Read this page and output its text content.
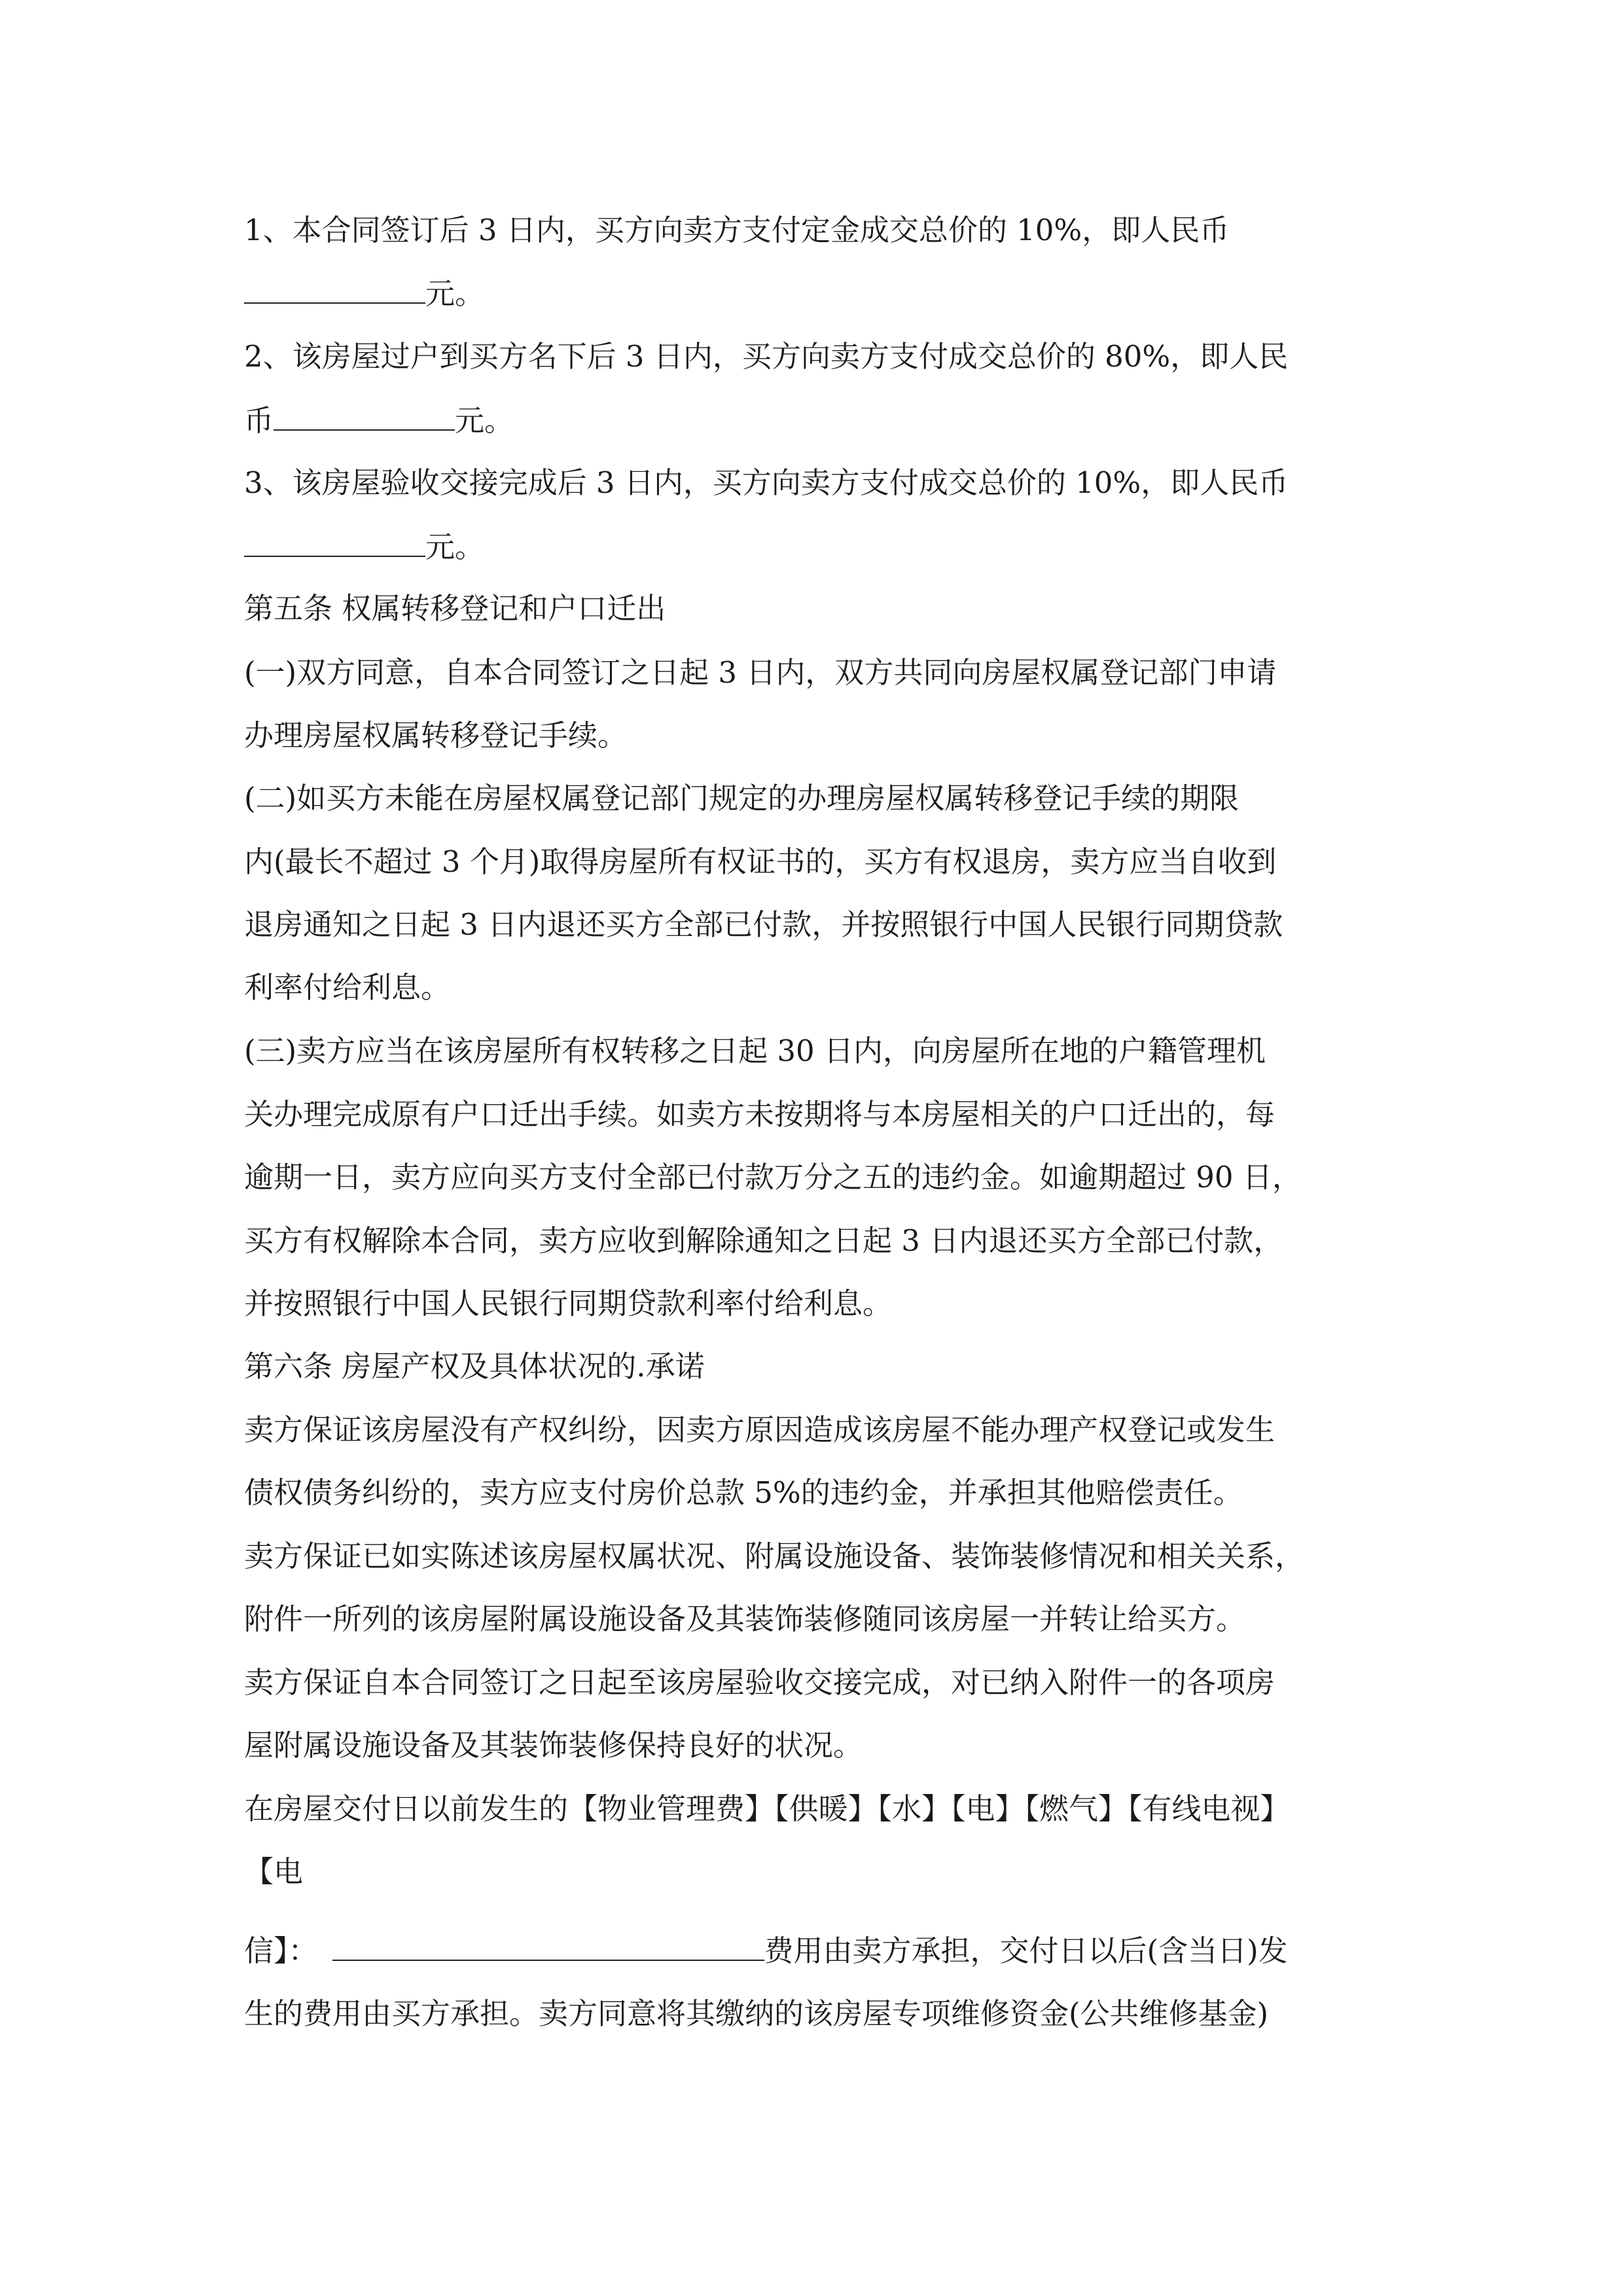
1、本合同签订后 3 日内，买方向卖方支付定金成交总价的 10%，即人民币
元。
2、该房屋过户到买方名下后 3 日内，买方向卖方支付成交总价的 80%，即人民
币	元。
3、该房屋验收交接完成后 3 日内，买方向卖方支付成交总价的 10%，即人民币
元。
第五条 权属转移登记和户口迁出
(一)双方同意，自本合同签订之日起 3 日内，双方共同向房屋权属登记部门申请
办理房屋权属转移登记手续。
(二)如买方未能在房屋权属登记部门规定的办理房屋权属转移登记手续的期限
内(最长不超过 3 个月)取得房屋所有权证书的，买方有权退房，卖方应当自收到
退房通知之日起 3 日内退还买方全部已付款，并按照银行中国人民银行同期贷款
利率付给利息。
(三)卖方应当在该房屋所有权转移之日起 30 日内，向房屋所在地的户籍管理机
关办理完成原有户口迁出手续。如卖方未按期将与本房屋相关的户口迁出的，每
逾期一日，卖方应向买方支付全部已付款万分之五的违约金。如逾期超过 90 日，
买方有权解除本合同，卖方应收到解除通知之日起 3 日内退还买方全部已付款，
并按照银行中国人民银行同期贷款利率付给利息。
第六条 房屋产权及具体状况的.承诺
卖方保证该房屋没有产权纠纷，因卖方原因造成该房屋不能办理产权登记或发生
债权债务纠纷的，卖方应支付房价总款 5%的违约金，并承担其他赔偿责任。
卖方保证已如实陈述该房屋权属状况、附属设施设备、装饰装修情况和相关关系，
附件一所列的该房屋附属设施设备及其装饰装修随同该房屋一并转让给买方。
卖方保证自本合同签订之日起至该房屋验收交接完成，对已纳入附件一的各项房
屋附属设施设备及其装饰装修保持良好的状况。
在房屋交付日以前发生的【物业管理费】【供暖】【水】【电】【燃气】【有线电视】
【电
信】：	费用由卖方承担，交付日以后(含当日)发
生的费用由买方承担。卖方同意将其缴纳的该房屋专项维修资金(公共维修基金)
